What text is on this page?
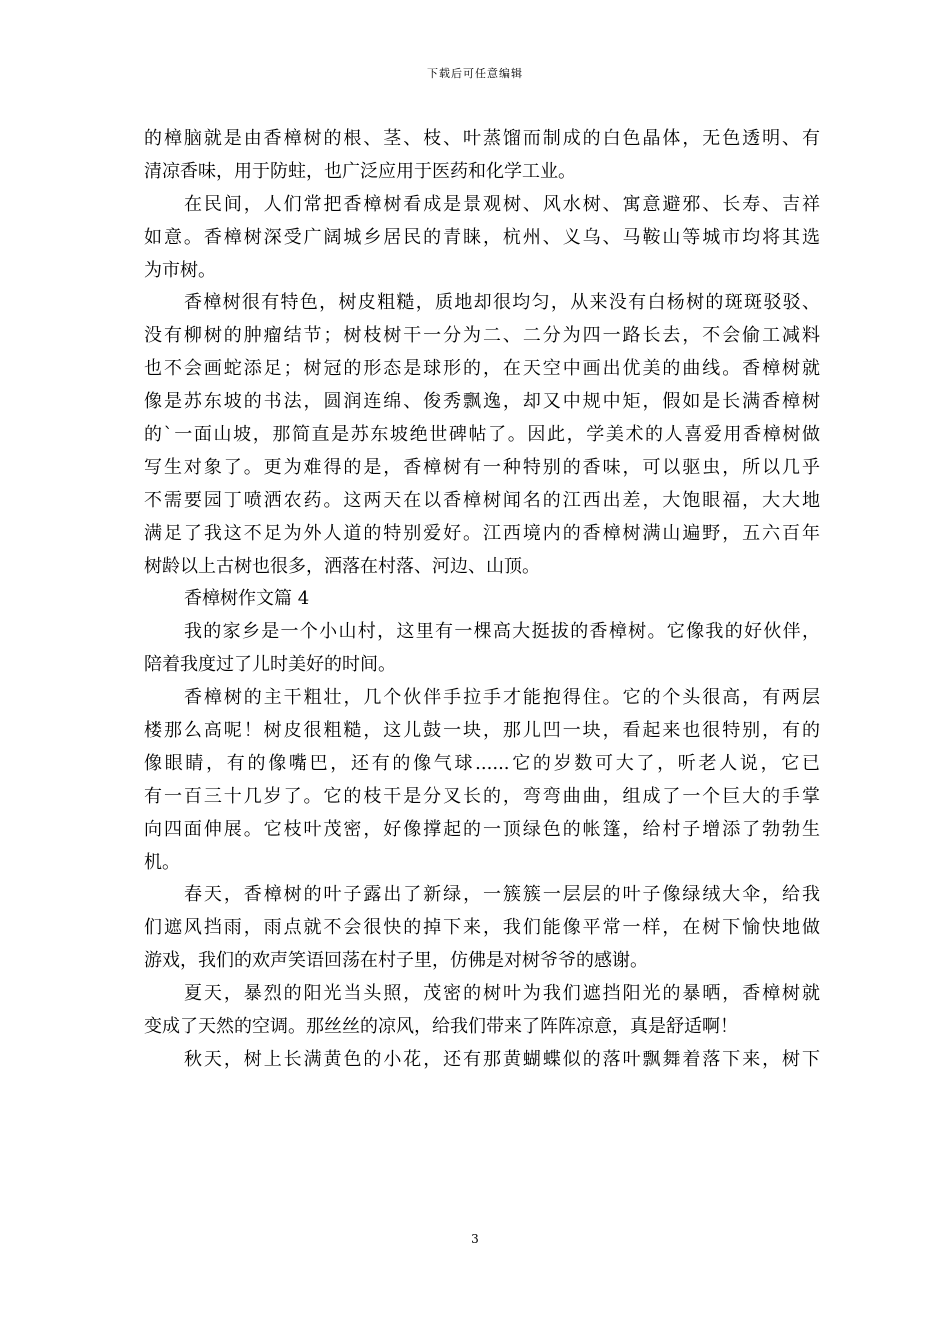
下载后可任意编辑
的樟脑就是由香樟树的根、茎、枝、叶蒸馏而制成的白色晶体，无色透明、有
清凉香味，用于防蛀，也广泛应用于医药和化学工业。
在民间，人们常把香樟树看成是景观树、风水树、寓意避邪、长寿、吉祥
如意。香樟树深受广阔城乡居民的青睐，杭州、义乌、马鞍山等城市均将其选
为市树。
香樟树很有特色，树皮粗糙，质地却很均匀，从来没有白杨树的斑斑驳驳、
没有柳树的肿瘤结节；树枝树干一分为二、二分为四一路长去，不会偷工减料
也不会画蛇添足；树冠的形态是球形的，在天空中画出优美的曲线。香樟树就
像是苏东坡的书法，圆润连绵、俊秀飘逸，却又中规中矩，假如是长满香樟树
的`一面山坡，那简直是苏东坡绝世碑帖了。因此，学美术的人喜爱用香樟树做
写生对象了。更为难得的是，香樟树有一种特别的香味，可以驱虫，所以几乎
不需要园丁喷洒农药。这两天在以香樟树闻名的江西出差，大饱眼福，大大地
满足了我这不足为外人道的特别爱好。江西境内的香樟树满山遍野，五六百年
树龄以上古树也很多，洒落在村落、河边、山顶。
香樟树作文篇 4
我的家乡是一个小山村，这里有一棵高大挺拔的香樟树。它像我的好伙伴，
陪着我度过了儿时美好的时间。
香樟树的主干粗壮，几个伙伴手拉手才能抱得住。它的个头很高，有两层
楼那么高呢！树皮很粗糙，这儿鼓一块，那儿凹一块，看起来也很特别，有的
像眼睛，有的像嘴巴，还有的像气球......它的岁数可大了，听老人说，它已
有一百三十几岁了。它的枝干是分叉长的，弯弯曲曲，组成了一个巨大的手掌
向四面伸展。它枝叶茂密，好像撑起的一顶绿色的帐篷，给村子增添了勃勃生
机。
春天，香樟树的叶子露出了新绿，一簇簇一层层的叶子像绿绒大伞，给我
们遮风挡雨，雨点就不会很快的掉下来，我们能像平常一样，在树下愉快地做
游戏，我们的欢声笑语回荡在村子里，仿佛是对树爷爷的感谢。
夏天，暴烈的阳光当头照，茂密的树叶为我们遮挡阳光的暴晒，香樟树就
变成了天然的空调。那丝丝的凉风，给我们带来了阵阵凉意，真是舒适啊！
秋天，树上长满黄色的小花，还有那黄蝴蝶似的落叶飘舞着落下来，树下
3
